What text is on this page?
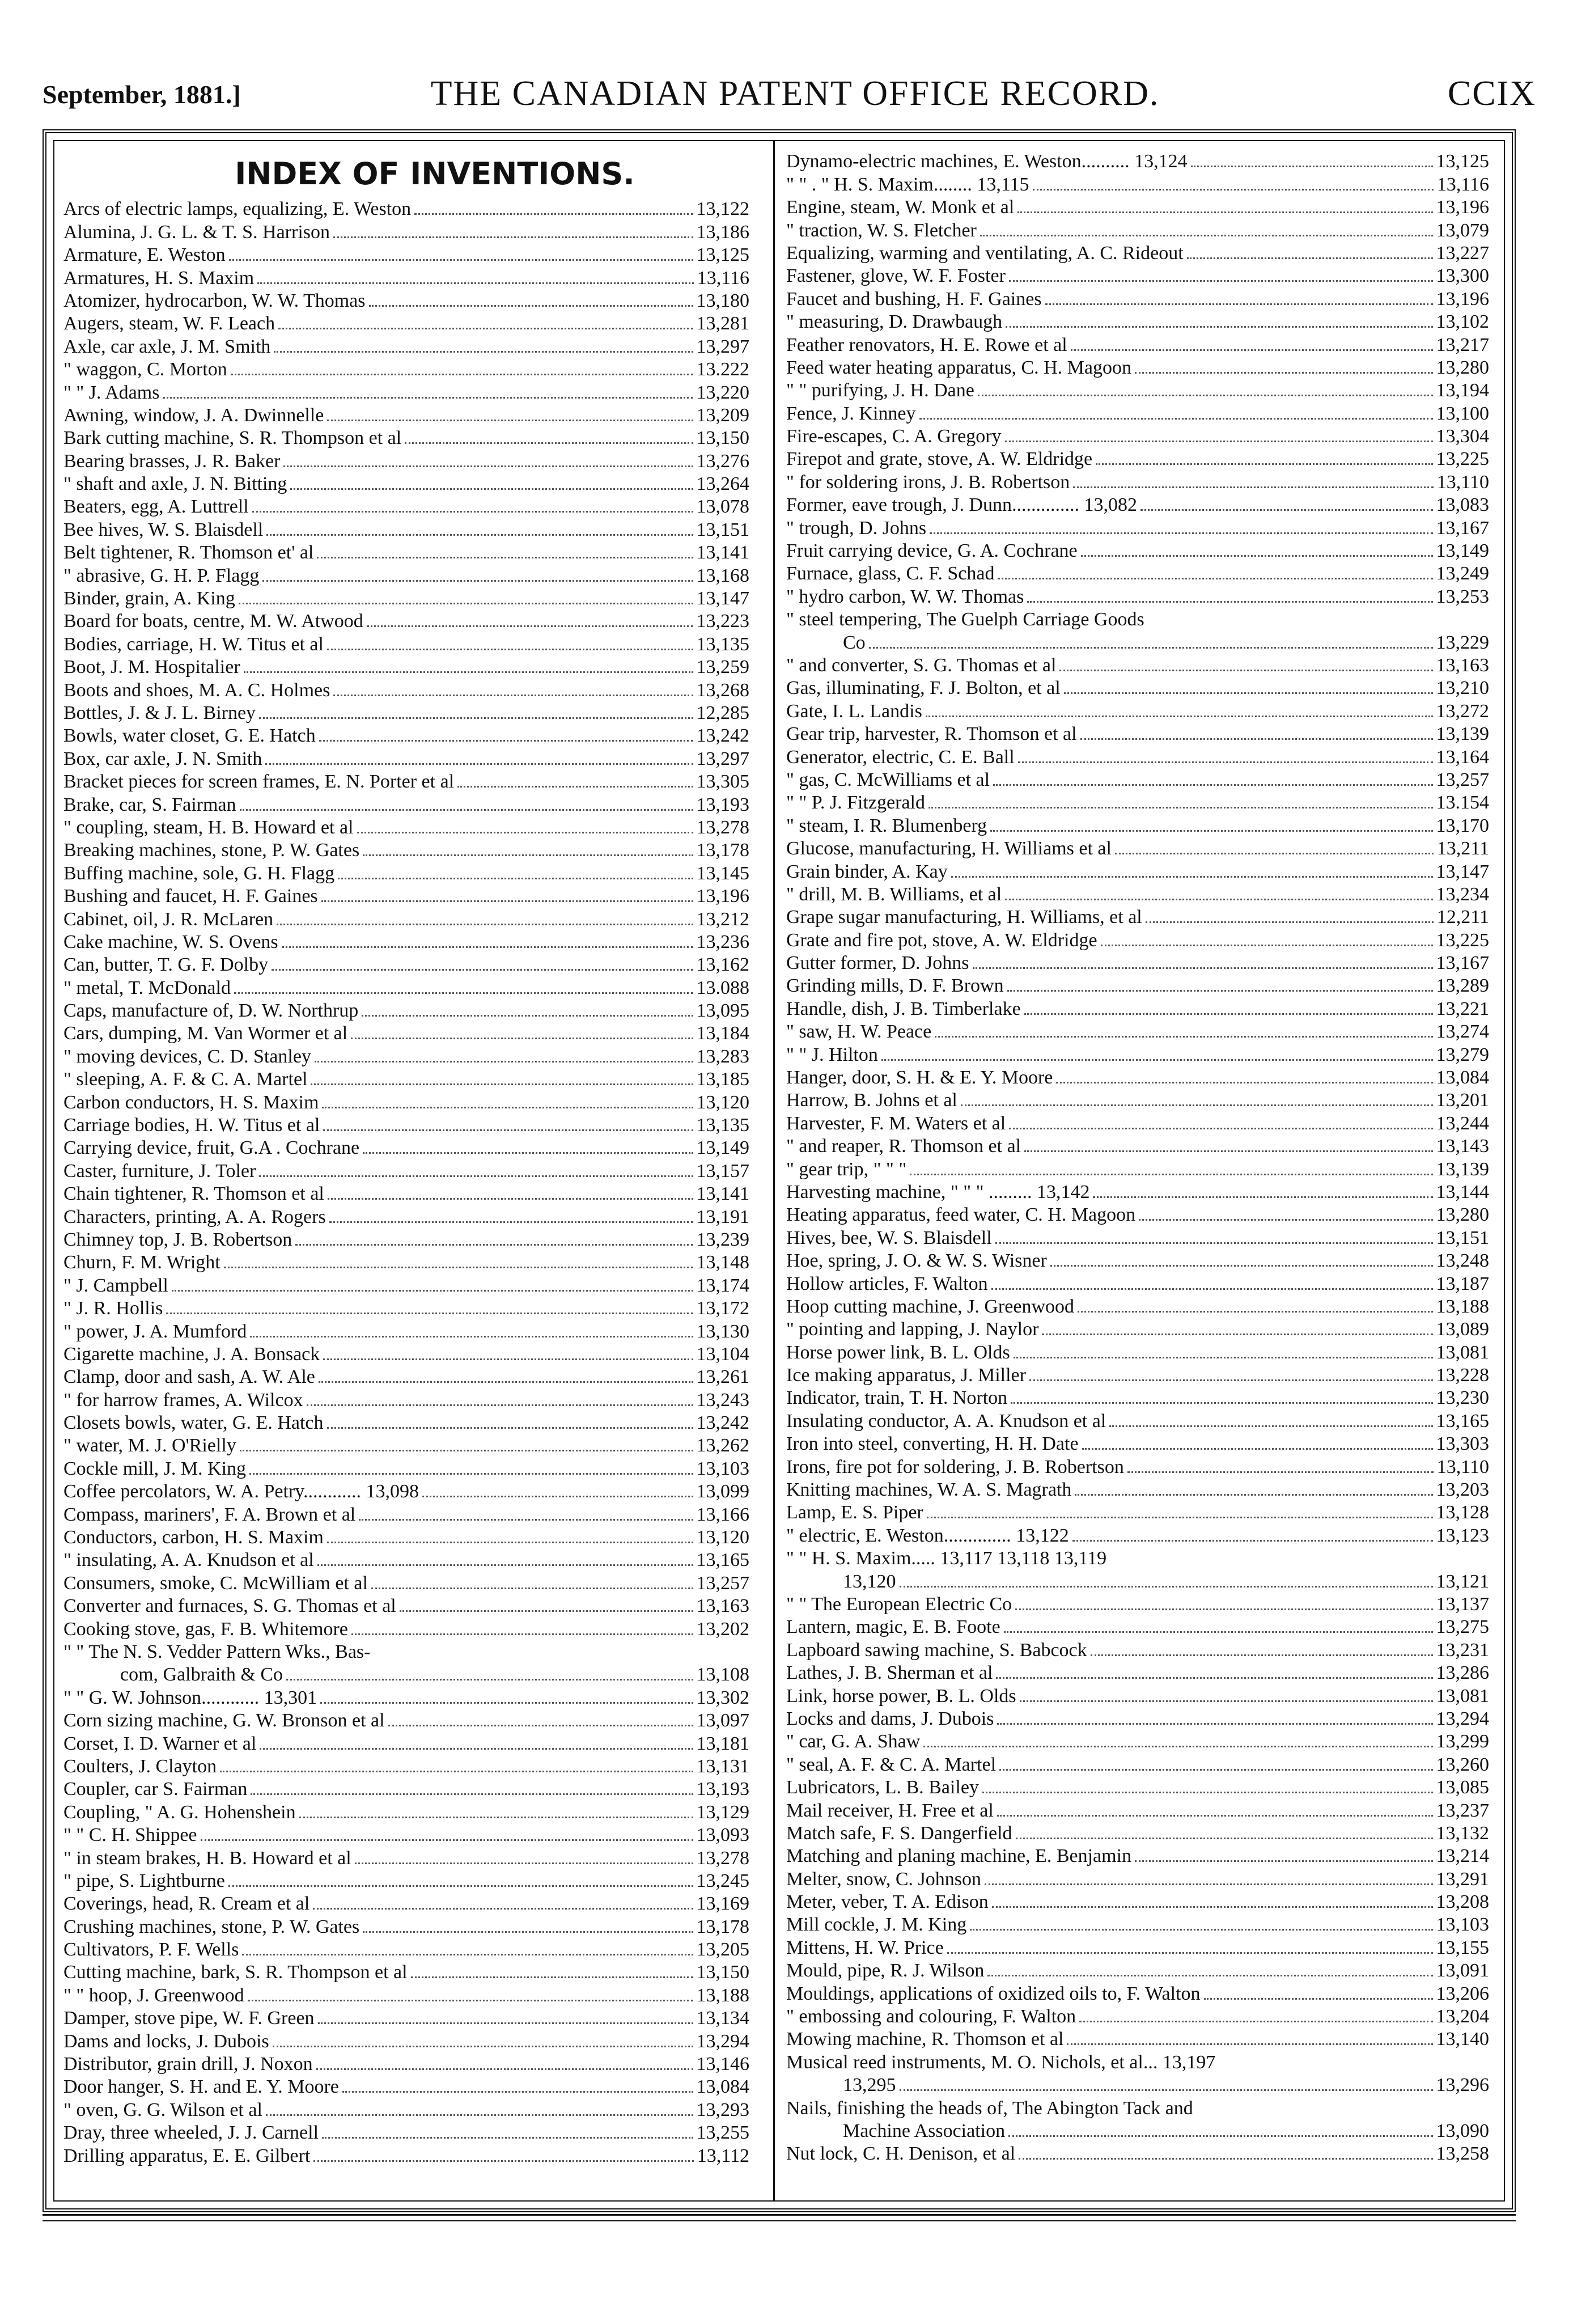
September, 1881.]	THE CANADIAN PATENT OFFICE RECORD.	CCIX
INDEX OF INVENTIONS.
Arcs of electric lamps, equalizing, E. Weston	13,122
Alumina, J. G. L. & T. S. Harrison	13,186
Armature, E. Weston	13,125
Armatures, H. S. Maxim	13,116
Atomizer, hydrocarbon, W. W. Thomas	13,180
Augers, steam, W. F. Leach	13,281
Axle, car axle, J. M. Smith	13,297
" waggon, C. Morton	13.222
" " J. Adams	13,220
Awning, window, J. A. Dwinnelle	13,209
Bark cutting machine, S. R. Thompson et al	13,150
Bearing brasses, J. R. Baker	13,276
" shaft and axle, J. N. Bitting	13,264
Beaters, egg, A. Luttrell	13,078
Bee hives, W. S. Blaisdell	13,151
Belt tightener, R. Thomson et' al	13,141
" abrasive, G. H. P. Flagg	13,168
Binder, grain, A. King	13,147
Board for boats, centre, M. W. Atwood	13,223
Bodies, carriage, H. W. Titus et al	13,135
Boot, J. M. Hospitalier	13,259
Boots and shoes, M. A. C. Holmes	13,268
Bottles, J. & J. L. Birney	12,285
Bowls, water closet, G. E. Hatch	13,242
Box, car axle, J. N. Smith	13,297
Bracket pieces for screen frames, E. N. Porter et al	13,305
Brake, car, S. Fairman	13,193
" coupling, steam, H. B. Howard et al	13,278
Breaking machines, stone, P. W. Gates	13,178
Buffing machine, sole, G. H. Flagg	13,145
Bushing and faucet, H. F. Gaines	13,196
Cabinet, oil, J. R. McLaren	13,212
Cake machine, W. S. Ovens	13,236
Can, butter, T. G. F. Dolby	13,162
" metal, T. McDonald	13.088
Caps, manufacture of, D. W. Northrup	13,095
Cars, dumping, M. Van Wormer et al	13,184
" moving devices, C. D. Stanley	13,283
" sleeping, A. F. & C. A. Martel	13,185
Carbon conductors, H. S. Maxim	13,120
Carriage bodies, H. W. Titus et al	13,135
Carrying device, fruit, G.A . Cochrane	13,149
Caster, furniture, J. Toler	13,157
Chain tightener, R. Thomson et al	13,141
Characters, printing, A. A. Rogers	13,191
Chimney top, J. B. Robertson	13,239
Churn, F. M. Wright	13,148
" J. Campbell	13,174
" J. R. Hollis	13,172
" power, J. A. Mumford	13,130
Cigarette machine, J. A. Bonsack	13,104
Clamp, door and sash, A. W. Ale	13,261
" for harrow frames, A. Wilcox	13,243
Closets bowls, water, G. E. Hatch	13,242
" water, M. J. O'Rielly	13,262
Cockle mill, J. M. King	13,103
Coffee percolators, W. A. Petry............ 13,098	13,099
Compass, mariners', F. A. Brown et al	13,166
Conductors, carbon, H. S. Maxim	13,120
" insulating, A. A. Knudson et al	13,165
Consumers, smoke, C. McWilliam et al	13,257
Converter and furnaces, S. G. Thomas et al	13,163
Cooking stove, gas, F. B. Whitemore	13,202
" " The N. S. Vedder Pattern Wks., Bas-
com, Galbraith & Co	13,108
" " G. W. Johnson............ 13,301	13,302
Corn sizing machine, G. W. Bronson et al	13,097
Corset, I. D. Warner et al	13,181
Coulters, J. Clayton	13,131
Coupler, car S. Fairman	13,193
Coupling, " A. G. Hohenshein	13,129
" " C. H. Shippee	13,093
" in steam brakes, H. B. Howard et al	13,278
" pipe, S. Lightburne	13,245
Coverings, head, R. Cream et al	13,169
Crushing machines, stone, P. W. Gates	13,178
Cultivators, P. F. Wells	13,205
Cutting machine, bark, S. R. Thompson et al	13,150
" " hoop, J. Greenwood	13,188
Damper, stove pipe, W. F. Green	13,134
Dams and locks, J. Dubois	13,294
Distributor, grain drill, J. Noxon	13,146
Door hanger, S. H. and E. Y. Moore	13,084
" oven, G. G. Wilson et al	13,293
Dray, three wheeled, J. J. Carnell	13,255
Drilling apparatus, E. E. Gilbert	13,112
Dynamo-electric machines, E. Weston.......... 13,124	13,125
" " . " H. S. Maxim........ 13,115	13,116
Engine, steam, W. Monk et al	13,196
" traction, W. S. Fletcher	13,079
Equalizing, warming and ventilating, A. C. Rideout	13,227
Fastener, glove, W. F. Foster	13,300
Faucet and bushing, H. F. Gaines	13,196
" measuring, D. Drawbaugh	13,102
Feather renovators, H. E. Rowe et al	13,217
Feed water heating apparatus, C. H. Magoon	13,280
" " purifying, J. H. Dane	13,194
Fence, J. Kinney	13,100
Fire-escapes, C. A. Gregory	13,304
Firepot and grate, stove, A. W. Eldridge	13,225
" for soldering irons, J. B. Robertson	13,110
Former, eave trough, J. Dunn.............. 13,082	13,083
" trough, D. Johns	13,167
Fruit carrying device, G. A. Cochrane	13,149
Furnace, glass, C. F. Schad	13,249
" hydro carbon, W. W. Thomas	13,253
" steel tempering, The Guelph Carriage Goods
Co	13,229
" and converter, S. G. Thomas et al	13,163
Gas, illuminating, F. J. Bolton, et al	13,210
Gate, I. L. Landis	13,272
Gear trip, harvester, R. Thomson et al	13,139
Generator, electric, C. E. Ball	13,164
" gas, C. McWilliams et al	13,257
" " P. J. Fitzgerald	13.154
" steam, I. R. Blumenberg	13,170
Glucose, manufacturing, H. Williams et al	13,211
Grain binder, A. Kay	13,147
" drill, M. B. Williams, et al	13,234
Grape sugar manufacturing, H. Williams, et al	12,211
Grate and fire pot, stove, A. W. Eldridge	13,225
Gutter former, D. Johns	13,167
Grinding mills, D. F. Brown	13,289
Handle, dish, J. B. Timberlake	13,221
" saw, H. W. Peace	13,274
" " J. Hilton	13,279
Hanger, door, S. H. & E. Y. Moore	13,084
Harrow, B. Johns et al	13,201
Harvester, F. M. Waters et al	13,244
" and reaper, R. Thomson et al	13,143
" gear trip, " " "	13,139
Harvesting machine, " " " ......... 13,142	13,144
Heating apparatus, feed water, C. H. Magoon	13,280
Hives, bee, W. S. Blaisdell	13,151
Hoe, spring, J. O. & W. S. Wisner	13,248
Hollow articles, F. Walton	13,187
Hoop cutting machine, J. Greenwood	13,188
" pointing and lapping, J. Naylor	13,089
Horse power link, B. L. Olds	13,081
Ice making apparatus, J. Miller	13,228
Indicator, train, T. H. Norton	13,230
Insulating conductor, A. A. Knudson et al	13,165
Iron into steel, converting, H. H. Date	13,303
Irons, fire pot for soldering, J. B. Robertson	13,110
Knitting machines, W. A. S. Magrath	13,203
Lamp, E. S. Piper	13,128
" electric, E. Weston.............. 13,122	13,123
" " H. S. Maxim..... 13,117 13,118 13,119
13,120	13,121
" " The European Electric Co	13,137
Lantern, magic, E. B. Foote	13,275
Lapboard sawing machine, S. Babcock	13,231
Lathes, J. B. Sherman et al	13,286
Link, horse power, B. L. Olds	13,081
Locks and dams, J. Dubois	13,294
" car, G. A. Shaw	13,299
" seal, A. F. & C. A. Martel	13,260
Lubricators, L. B. Bailey	13,085
Mail receiver, H. Free et al	13,237
Match safe, F. S. Dangerfield	13,132
Matching and planing machine, E. Benjamin	13,214
Melter, snow, C. Johnson	13,291
Meter, veber, T. A. Edison	13,208
Mill cockle, J. M. King	13,103
Mittens, H. W. Price	13,155
Mould, pipe, R. J. Wilson	13,091
Mouldings, applications of oxidized oils to, F. Walton	13,206
" embossing and colouring, F. Walton	13,204
Mowing machine, R. Thomson et al	13,140
Musical reed instruments, M. O. Nichols, et al... 13,197
13,295	13,296
Nails, finishing the heads of, The Abington Tack and
Machine Association	13,090
Nut lock, C. H. Denison, et al	13,258
